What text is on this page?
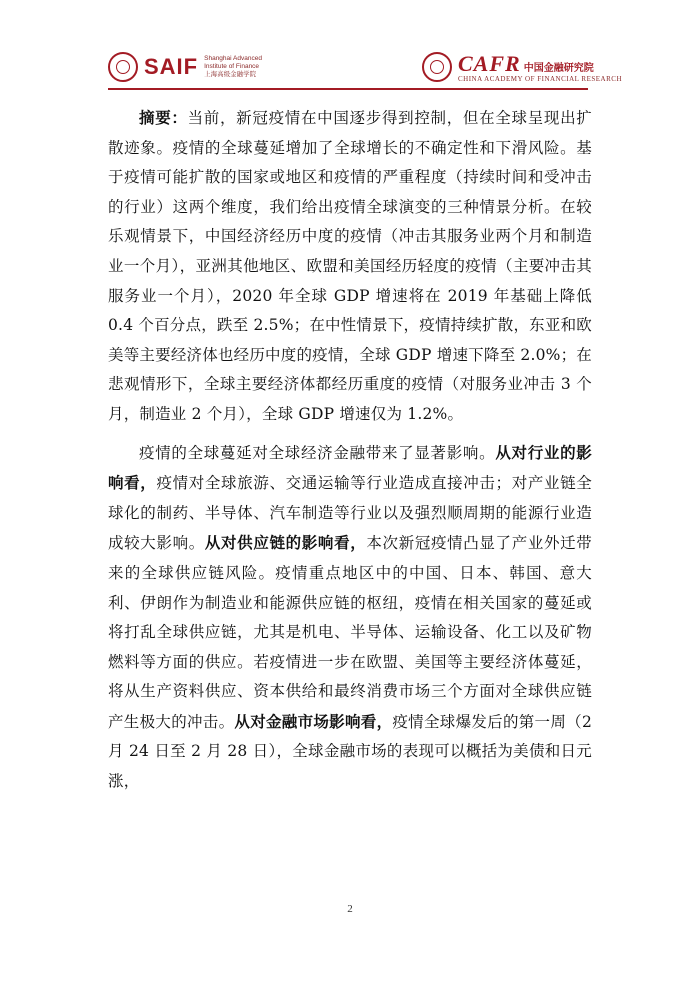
SAIF Shanghai Advanced
Institute of Finance
上海高级金融学院	CAFR 中国金融研究院
CHINA ACADEMY OF FINANCIAL RESEARCH

摘要：当前，新冠疫情在中国逐步得到控制，但在全球呈现出扩散迹象。疫情的全球蔓延增加了全球增长的不确定性和下滑风险。基于疫情可能扩散的国家或地区和疫情的严重程度（持续时间和受冲击的行业）这两个维度，我们给出疫情全球演变的三种情景分析。在较乐观情景下，中国经济经历中度的疫情（冲击其服务业两个月和制造业一个月），亚洲其他地区、欧盟和美国经历轻度的疫情（主要冲击其服务业一个月），2020 年全球 GDP 增速将在 2019 年基础上降低 0.4 个百分点，跌至 2.5%；在中性情景下，疫情持续扩散，东亚和欧美等主要经济体也经历中度的疫情，全球 GDP 增速下降至 2.0%；在悲观情形下，全球主要经济体都经历重度的疫情（对服务业冲击 3 个月，制造业 2 个月），全球 GDP 增速仅为 1.2%。

疫情的全球蔓延对全球经济金融带来了显著影响。从对行业的影响看，疫情对全球旅游、交通运输等行业造成直接冲击；对产业链全球化的制药、半导体、汽车制造等行业以及强烈顺周期的能源行业造成较大影响。从对供应链的影响看，本次新冠疫情凸显了产业外迁带来的全球供应链风险。疫情重点地区中的中国、日本、韩国、意大利、伊朗作为制造业和能源供应链的枢纽，疫情在相关国家的蔓延或将打乱全球供应链，尤其是机电、半导体、运输设备、化工以及矿物燃料等方面的供应。若疫情进一步在欧盟、美国等主要经济体蔓延，将从生产资料供应、资本供给和最终消费市场三个方面对全球供应链产生极大的冲击。从对金融市场影响看，疫情全球爆发后的第一周（2 月 24 日至 2 月 28 日），全球金融市场的表现可以概括为美债和日元涨，

2
